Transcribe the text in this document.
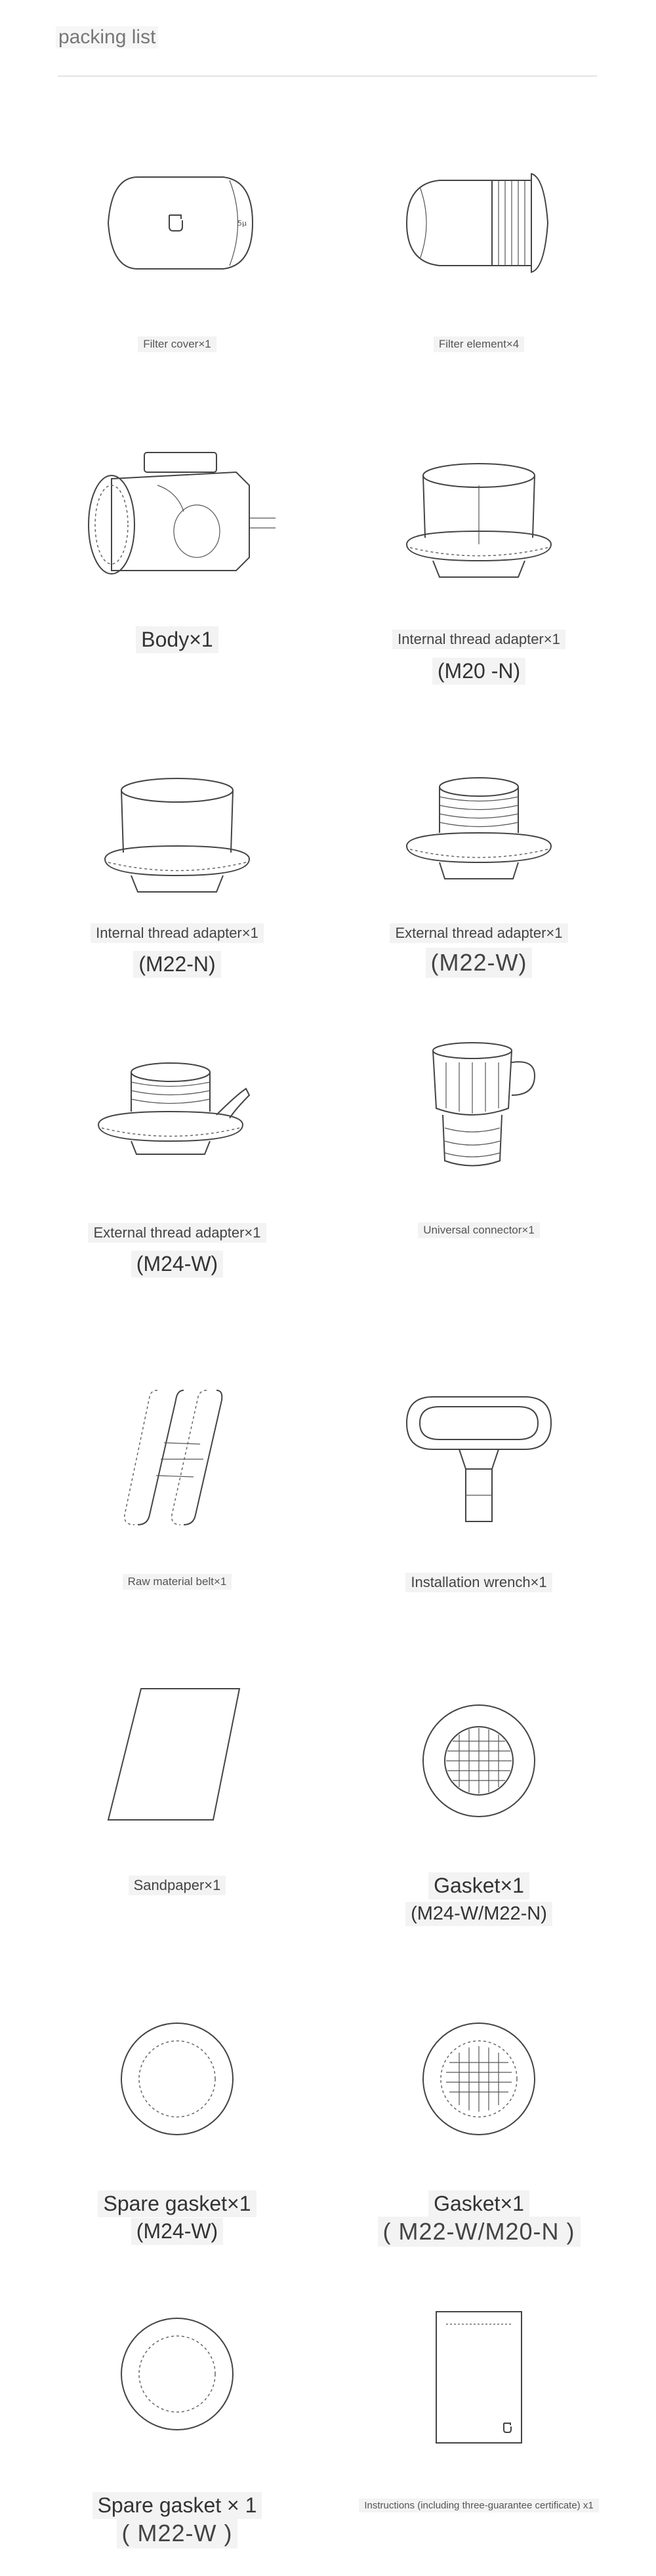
packing list
5μ
Filter cover×1	Filter element×4
Body×1	Internal thread adapter×1
(M20 -N)
Internal thread adapter×1
(M22-N)
External thread adapter×1
(M22-W)
External thread adapter×1
(M24-W)
Universal connector×1
Raw material belt×1	Installation wrench×1
Sandpaper×1	Gasket×1
(M24-W/M22-N)
Spare gasket×1
(M24-W)
Gasket×1
( M22-W/M20-N )
Spare gasket × 1
( M22-W )
Instructions (including three-guarantee certificate) x1
